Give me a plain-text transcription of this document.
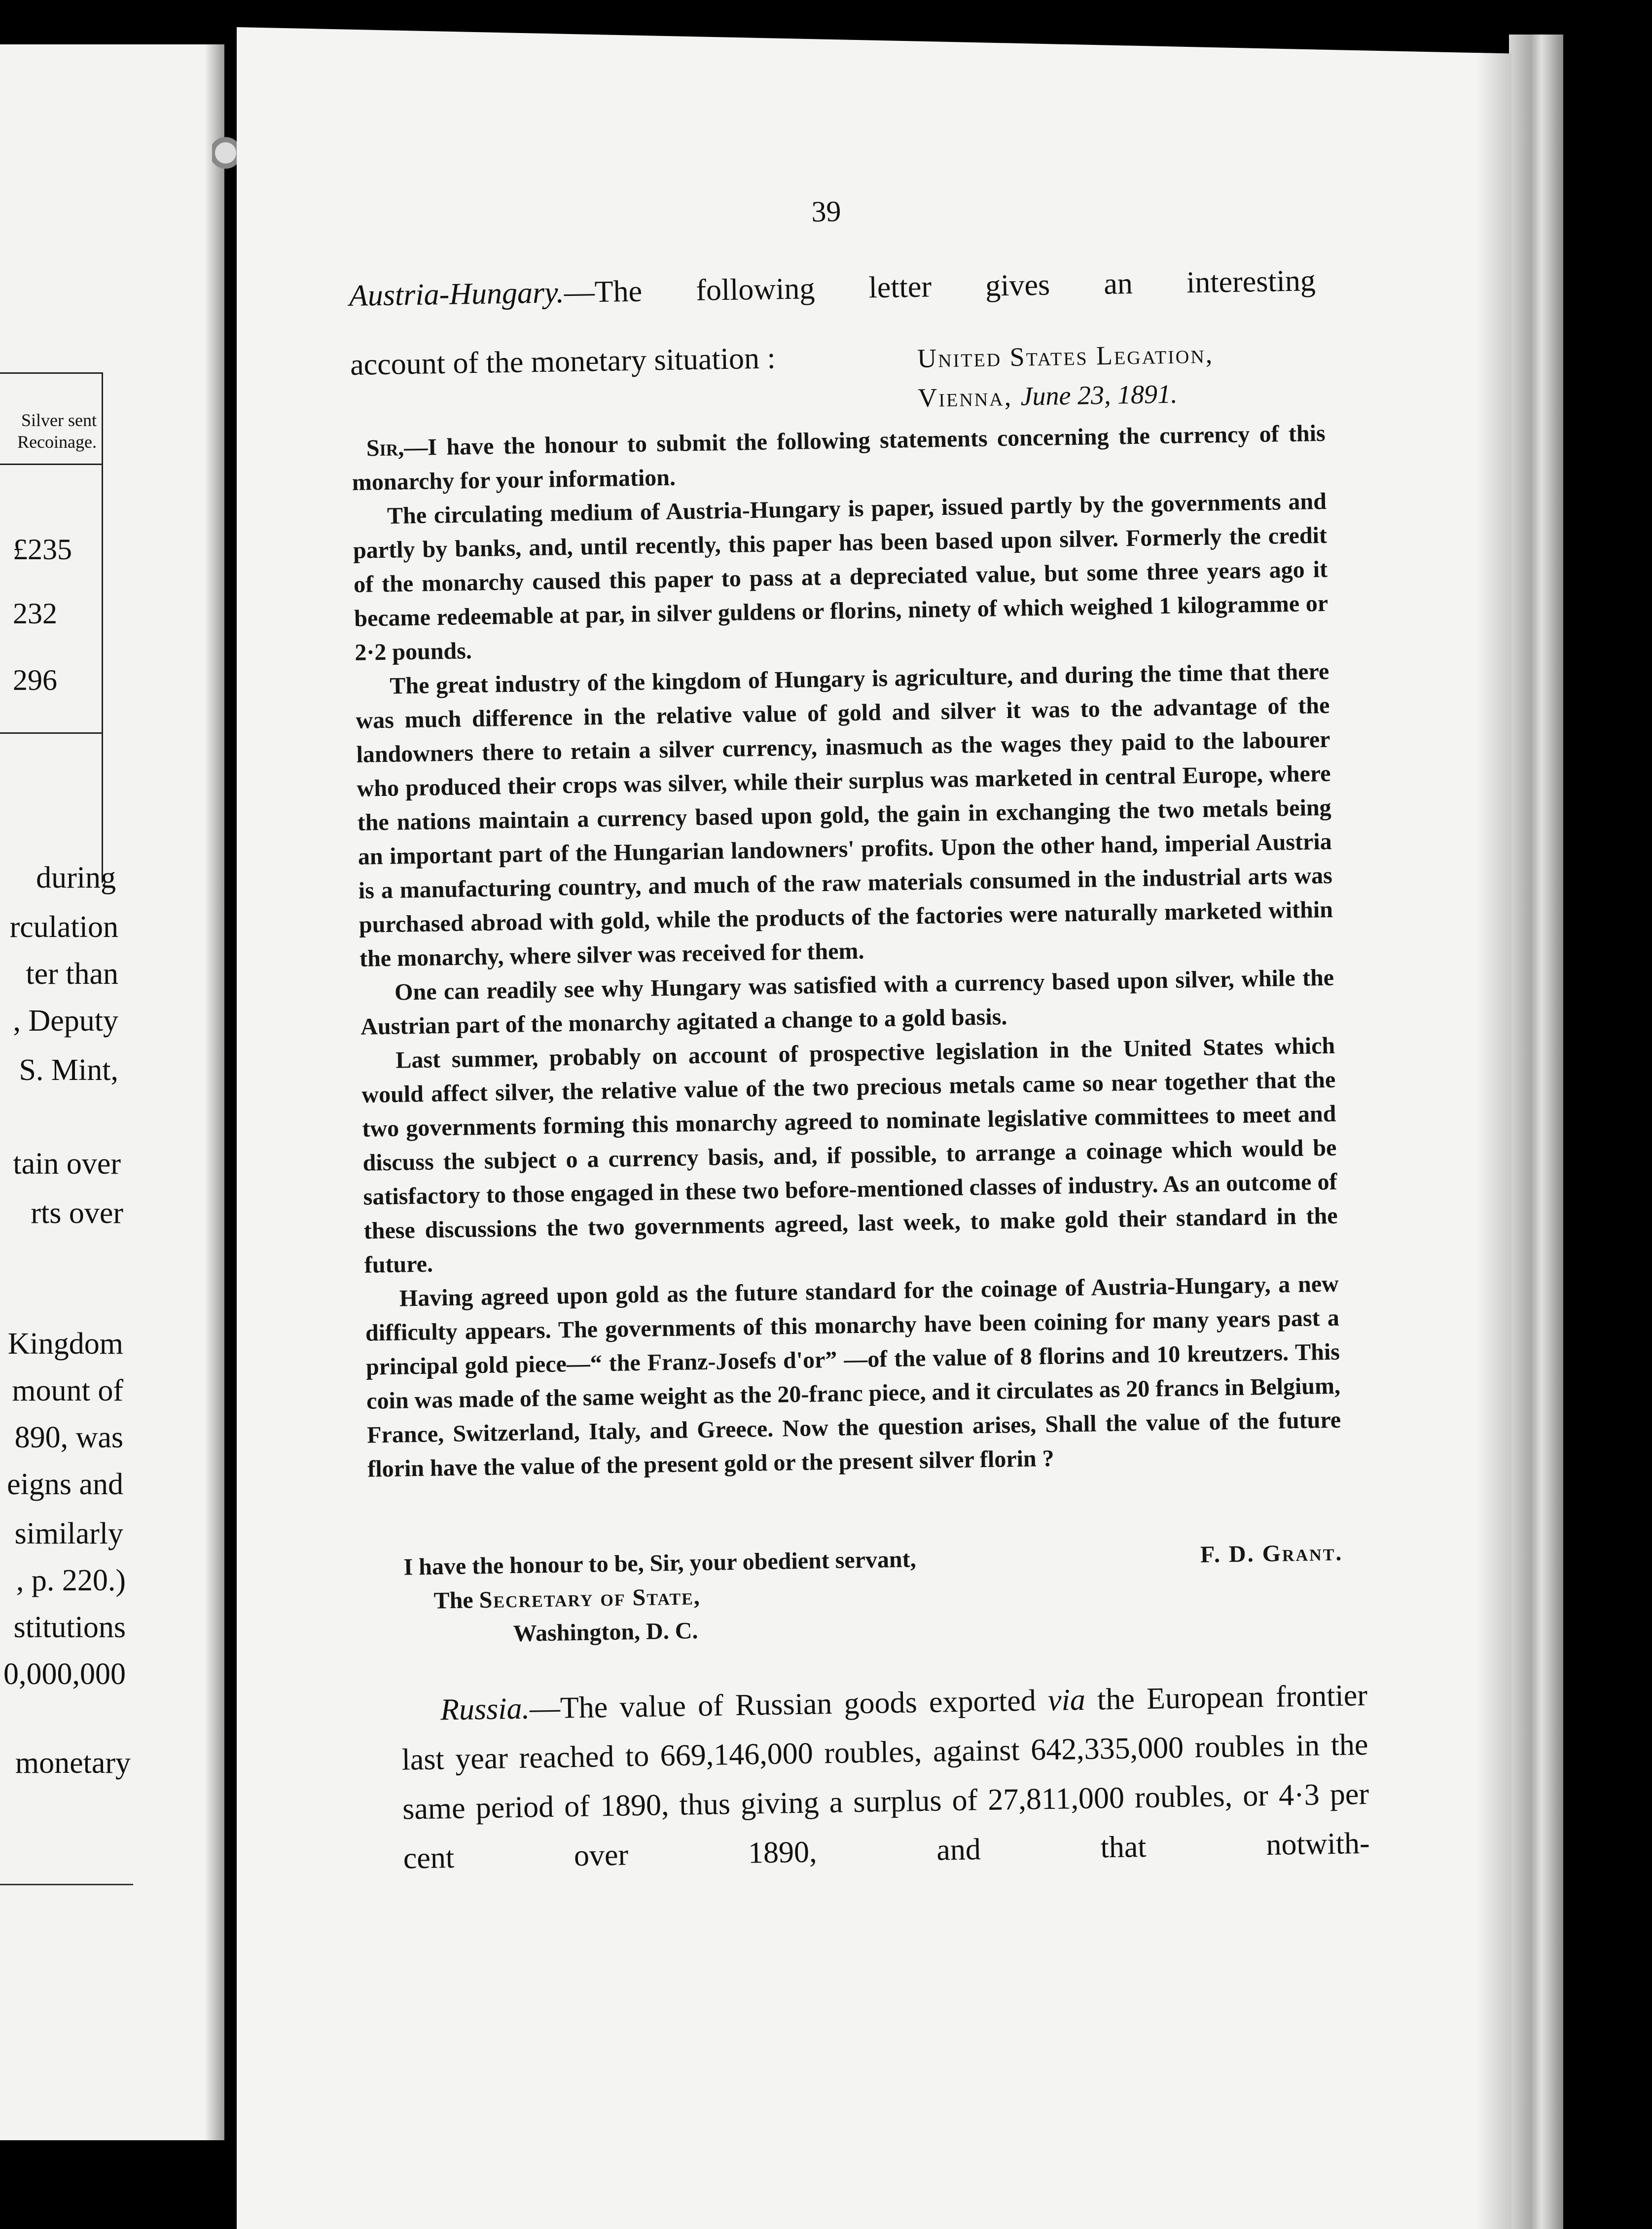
Silver sent
Recoinage.
£235
232
296
during
rculation
ter than
, Deputy
S. Mint,
tain over
rts over
Kingdom
mount of
890, was
eigns and
similarly
, p. 220.)
stitutions
0,000,000
monetary
39
Austria-Hungary.—The following letter gives an interesting
account of the monetary situation :	United States Legation,
Vienna, June 23, 1891.

Sir,—I have the honour to submit the following statements concerning the currency of this monarchy for your information.

The circulating medium of Austria-Hungary is paper, issued partly by the governments and partly by banks, and, until recently, this paper has been based upon silver. Formerly the credit of the monarchy caused this paper to pass at a depreciated value, but some three years ago it became redeemable at par, in silver guldens or florins, ninety of which weighed 1 kilogramme or 2·2 pounds.

The great industry of the kingdom of Hungary is agriculture, and during the time that there was much difference in the relative value of gold and silver it was to the advantage of the landowners there to retain a silver currency, inasmuch as the wages they paid to the labourer who produced their crops was silver, while their surplus was marketed in central Europe, where the nations maintain a currency based upon gold, the gain in exchanging the two metals being an important part of the Hungarian landowners' profits. Upon the other hand, imperial Austria is a manufacturing country, and much of the raw materials consumed in the industrial arts was purchased abroad with gold, while the products of the factories were naturally marketed within the monarchy, where silver was received for them.

One can readily see why Hungary was satisfied with a currency based upon silver, while the Austrian part of the monarchy agitated a change to a gold basis.

Last summer, probably on account of prospective legislation in the United States which would affect silver, the relative value of the two precious metals came so near together that the two governments forming this monarchy agreed to nominate legislative committees to meet and discuss the subject o a currency basis, and, if possible, to arrange a coinage which would be satisfactory to those engaged in these two before-mentioned classes of industry. As an outcome of these discussions the two governments agreed, last week, to make gold their standard in the future.

Having agreed upon gold as the future standard for the coinage of Austria-Hungary, a new difficulty appears. The governments of this monarchy have been coining for many years past a principal gold piece—“ the Franz-Josefs d'or” —of the value of 8 florins and 10 kreutzers. This coin was made of the same weight as the 20-franc piece, and it circulates as 20 francs in Belgium, France, Switzerland, Italy, and Greece. Now the question arises, Shall the value of the future florin have the value of the present gold or the present silver florin ?

I have the honour to be, Sir, your obedient servant,	F. D. Grant.
The Secretary of State,
Washington, D. C.

Russia.—The value of Russian goods exported via the European frontier last year reached to 669,146,000 roubles, against 642,335,000 roubles in the same period of 1890, thus giving a surplus of 27,811,000 roubles, or 4·3 per cent over 1890, and that notwith-
